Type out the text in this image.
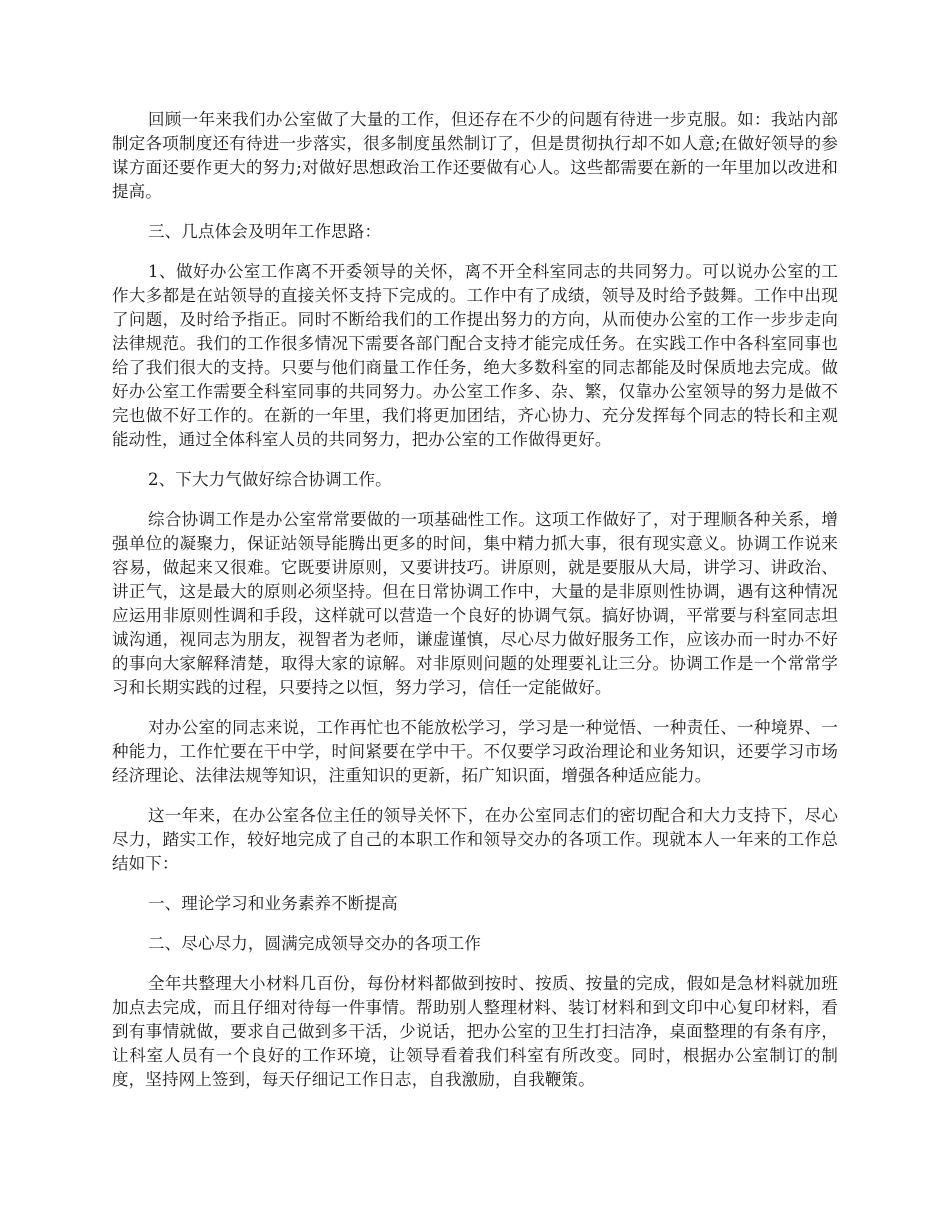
回顾一年来我们办公室做了大量的工作，但还存在不少的问题有待进一步克服。如：我站内部制定各项制度还有待进一步落实，很多制度虽然制订了，但是贯彻执行却不如人意;在做好领导的参谋方面还要作更大的努力;对做好思想政治工作还要做有心人。这些都需要在新的一年里加以改进和提高。

三、几点体会及明年工作思路：

1、做好办公室工作离不开委领导的关怀，离不开全科室同志的共同努力。可以说办公室的工作大多都是在站领导的直接关怀支持下完成的。工作中有了成绩，领导及时给予鼓舞。工作中出现了问题，及时给予指正。同时不断给我们的工作提出努力的方向，从而使办公室的工作一步步走向法律规范。我们的工作很多情况下需要各部门配合支持才能完成任务。在实践工作中各科室同事也给了我们很大的支持。只要与他们商量工作任务，绝大多数科室的同志都能及时保质地去完成。做好办公室工作需要全科室同事的共同努力。办公室工作多、杂、繁，仅靠办公室领导的努力是做不完也做不好工作的。在新的一年里，我们将更加团结，齐心协力、充分发挥每个同志的特长和主观能动性，通过全体科室人员的共同努力，把办公室的工作做得更好。

2、下大力气做好综合协调工作。

综合协调工作是办公室常常要做的一项基础性工作。这项工作做好了，对于理顺各种关系，增强单位的凝聚力，保证站领导能腾出更多的时间，集中精力抓大事，很有现实意义。协调工作说来容易，做起来又很难。它既要讲原则，又要讲技巧。讲原则，就是要服从大局，讲学习、讲政治、讲正气，这是最大的原则必须坚持。但在日常协调工作中，大量的是非原则性协调，遇有这种情况应运用非原则性调和手段，这样就可以营造一个良好的协调气氛。搞好协调，平常要与科室同志坦诚沟通，视同志为朋友，视智者为老师，谦虚谨慎，尽心尽力做好服务工作，应该办而一时办不好的事向大家解释清楚，取得大家的谅解。对非原则问题的处理要礼让三分。协调工作是一个常常学习和长期实践的过程，只要持之以恒，努力学习，信任一定能做好。

对办公室的同志来说，工作再忙也不能放松学习，学习是一种觉悟、一种责任、一种境界、一种能力，工作忙要在干中学，时间紧要在学中干。不仅要学习政治理论和业务知识，还要学习市场经济理论、法律法规等知识，注重知识的更新，拓广知识面，增强各种适应能力。

这一年来，在办公室各位主任的领导关怀下，在办公室同志们的密切配合和大力支持下，尽心尽力，踏实工作，较好地完成了自己的本职工作和领导交办的各项工作。现就本人一年来的工作总结如下：

一、理论学习和业务素养不断提高

二、尽心尽力，圆满完成领导交办的各项工作

全年共整理大小材料几百份，每份材料都做到按时、按质、按量的完成，假如是急材料就加班加点去完成，而且仔细对待每一件事情。帮助别人整理材料、装订材料和到文印中心复印材料，看到有事情就做，要求自己做到多干活，少说话，把办公室的卫生打扫洁净，桌面整理的有条有序，让科室人员有一个良好的工作环境，让领导看着我们科室有所改变。同时，根据办公室制订的制度，坚持网上签到，每天仔细记工作日志，自我激励，自我鞭策。
